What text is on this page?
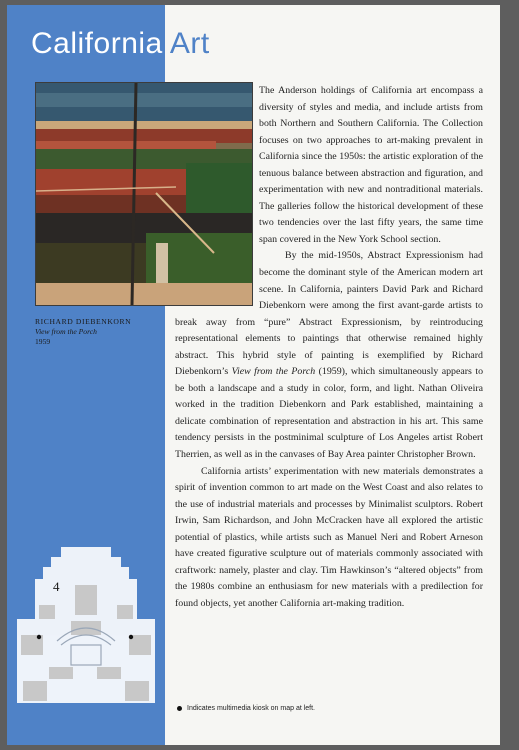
California Art
RICHARD DIEBENKORN
View from the Porch
1959

The Anderson holdings of California art encompass a diversity of styles and media, and include artists from both Northern and Southern California. The Collection focuses on two approaches to art-making prevalent in California since the 1950s: the artistic exploration of the tenuous balance between abstraction and figuration, and experimentation with new and nontraditional materials. The galleries follow the historical development of these two tendencies over the last fifty years, the same time span covered in the New York School section.

By the mid-1950s, Abstract Expressionism had become the dominant style of the American modern art scene. In California, painters David Park and Richard Diebenkorn were among the first avant-garde artists to break away from “pure” Abstract Expressionism, by reintroducing representational elements to paintings that otherwise remained highly abstract. This hybrid style of painting is exemplified by Richard Diebenkorn’s View from the Porch (1959), which simultaneously appears to be both a landscape and a study in color, form, and light. Nathan Oliveira worked in the tradition Diebenkorn and Park established, maintaining a delicate combination of representation and abstraction in his art. This same tendency persists in the postminimal sculpture of Los Angeles artist Robert Therrien, as well as in the canvases of Bay Area painter Christopher Brown.

California artists’ experimentation with new materials demonstrates a spirit of invention common to art made on the West Coast and also relates to the use of industrial materials and processes by Minimalist sculptors. Robert Irwin, Sam Richardson, and John McCracken have all explored the artistic potential of plastics, while artists such as Manuel Neri and Robert Arneson have created figurative sculpture out of materials commonly associated with craftwork: namely, plaster and clay. Tim Hawkinson’s “altered objects” from the 1980s combine an enthusiasm for new materials with a predilection for found objects, yet another California art-making tradition.

4
Indicates multimedia kiosk on map at left.
